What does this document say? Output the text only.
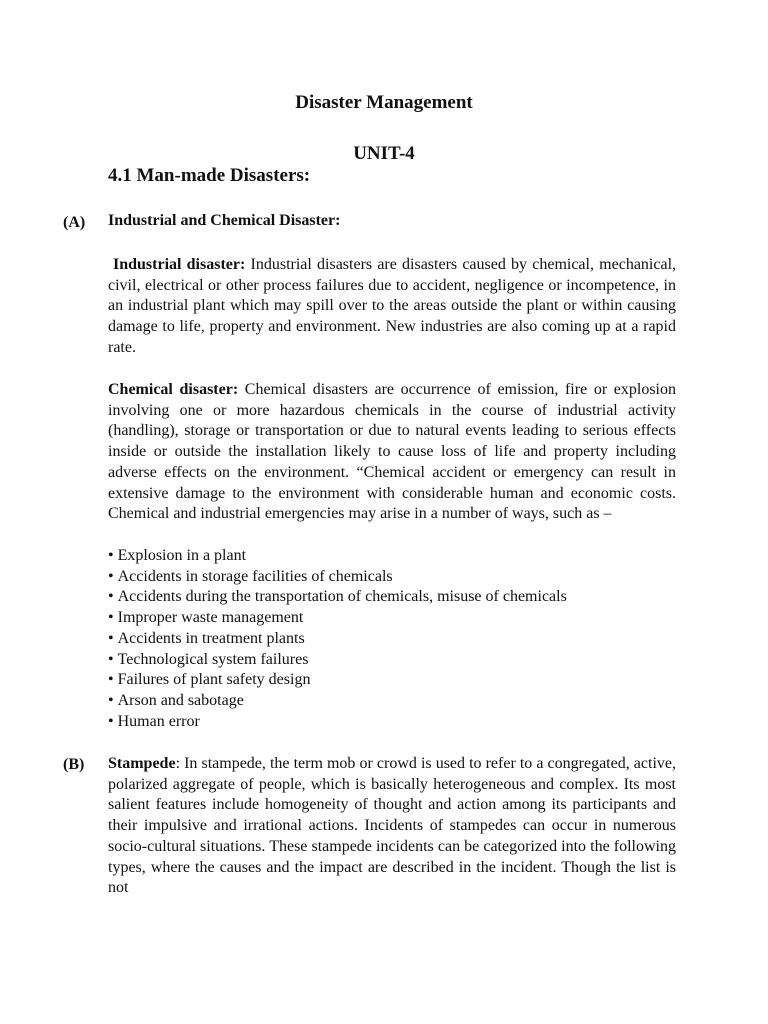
Disaster Management
UNIT-4
4.1 Man-made Disasters:
(A) Industrial and Chemical Disaster:

Industrial disaster: Industrial disasters are disasters caused by chemical, mechanical, civil, electrical or other process failures due to accident, negligence or incompetence, in an industrial plant which may spill over to the areas outside the plant or within causing damage to life, property and environment. New industries are also coming up at a rapid rate.

Chemical disaster: Chemical disasters are occurrence of emission, fire or explosion involving one or more hazardous chemicals in the course of industrial activity (handling), storage or transportation or due to natural events leading to serious effects inside or outside the installation likely to cause loss of life and property including adverse effects on the environment. “Chemical accident or emergency can result in extensive damage to the environment with considerable human and economic costs. Chemical and industrial emergencies may arise in a number of ways, such as –

• Explosion in a plant
• Accidents in storage facilities of chemicals
• Accidents during the transportation of chemicals, misuse of chemicals
• Improper waste management
• Accidents in treatment plants
• Technological system failures
• Failures of plant safety design
• Arson and sabotage
• Human error
(B) Stampede: In stampede, the term mob or crowd is used to refer to a congregated, active, polarized aggregate of people, which is basically heterogeneous and complex. Its most salient features include homogeneity of thought and action among its participants and their impulsive and irrational actions. Incidents of stampedes can occur in numerous socio-cultural situations. These stampede incidents can be categorized into the following types, where the causes and the impact are described in the incident. Though the list is not
